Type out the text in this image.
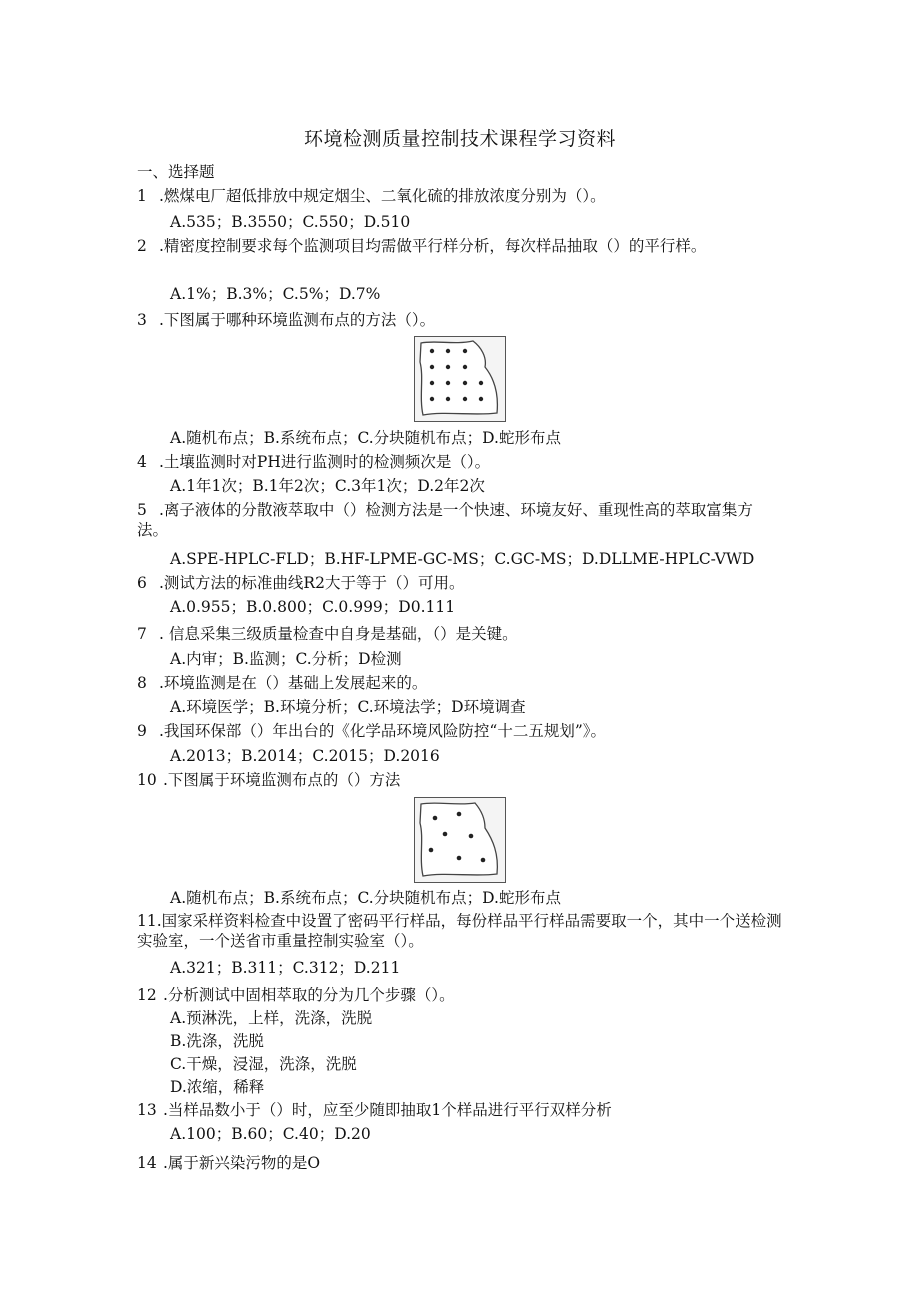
环境检测质量控制技术课程学习资料
一、选择题
1 .燃煤电厂超低排放中规定烟尘、二氧化硫的排放浓度分别为（）。
A.535；B.3550；C.550；D.510
2 .精密度控制要求每个监测项目均需做平行样分析，每次样品抽取（）的平行样。
A.1%；B.3%；C.5%；D.7%
3 .下图属于哪种环境监测布点的方法（）。
A.随机布点；B.系统布点；C.分块随机布点；D.蛇形布点
4 .土壤监测时对PH进行监测时的检测频次是（）。
A.1年1次；B.1年2次；C.3年1次；D.2年2次
5 .离子液体的分散液萃取中（）检测方法是一个快速、环境友好、重现性高的萃取富集方法。
A.SPE-HPLC-FLD；B.HF-LPME-GC-MS；C.GC-MS；D.DLLME-HPLC-VWD
6 .测试方法的标准曲线R2大于等于（）可用。
A.0.955；B.0.800；C.0.999；D0.111
7 . 信息采集三级质量检查中自身是基础，（）是关键。
A.内审；B.监测；C.分析；D检测
8 .环境监测是在（）基础上发展起来的。
A.环境医学；B.环境分析；C.环境法学；D环境调查
9 .我国环保部（）年出台的《化学品环境风险防控“十二五规划”》。
A.2013；B.2014；C.2015；D.2016
10 .下图属于环境监测布点的（）方法
A.随机布点；B.系统布点；C.分块随机布点；D.蛇形布点
11.国家采样资料检查中设置了密码平行样品，每份样品平行样品需要取一个，其中一个送检测实验室，一个送省市重量控制实验室（）。
A.321；B.311；C.312；D.211
12 .分析测试中固相萃取的分为几个步骤（）。
A.预淋洗，上样，洗涤，洗脱
B.洗涤，洗脱
C.干燥，浸湿，洗涤，洗脱
D.浓缩，稀释
13 .当样品数小于（）时，应至少随即抽取1个样品进行平行双样分析
A.100；B.60；C.40；D.20
14 .属于新兴染污物的是O
